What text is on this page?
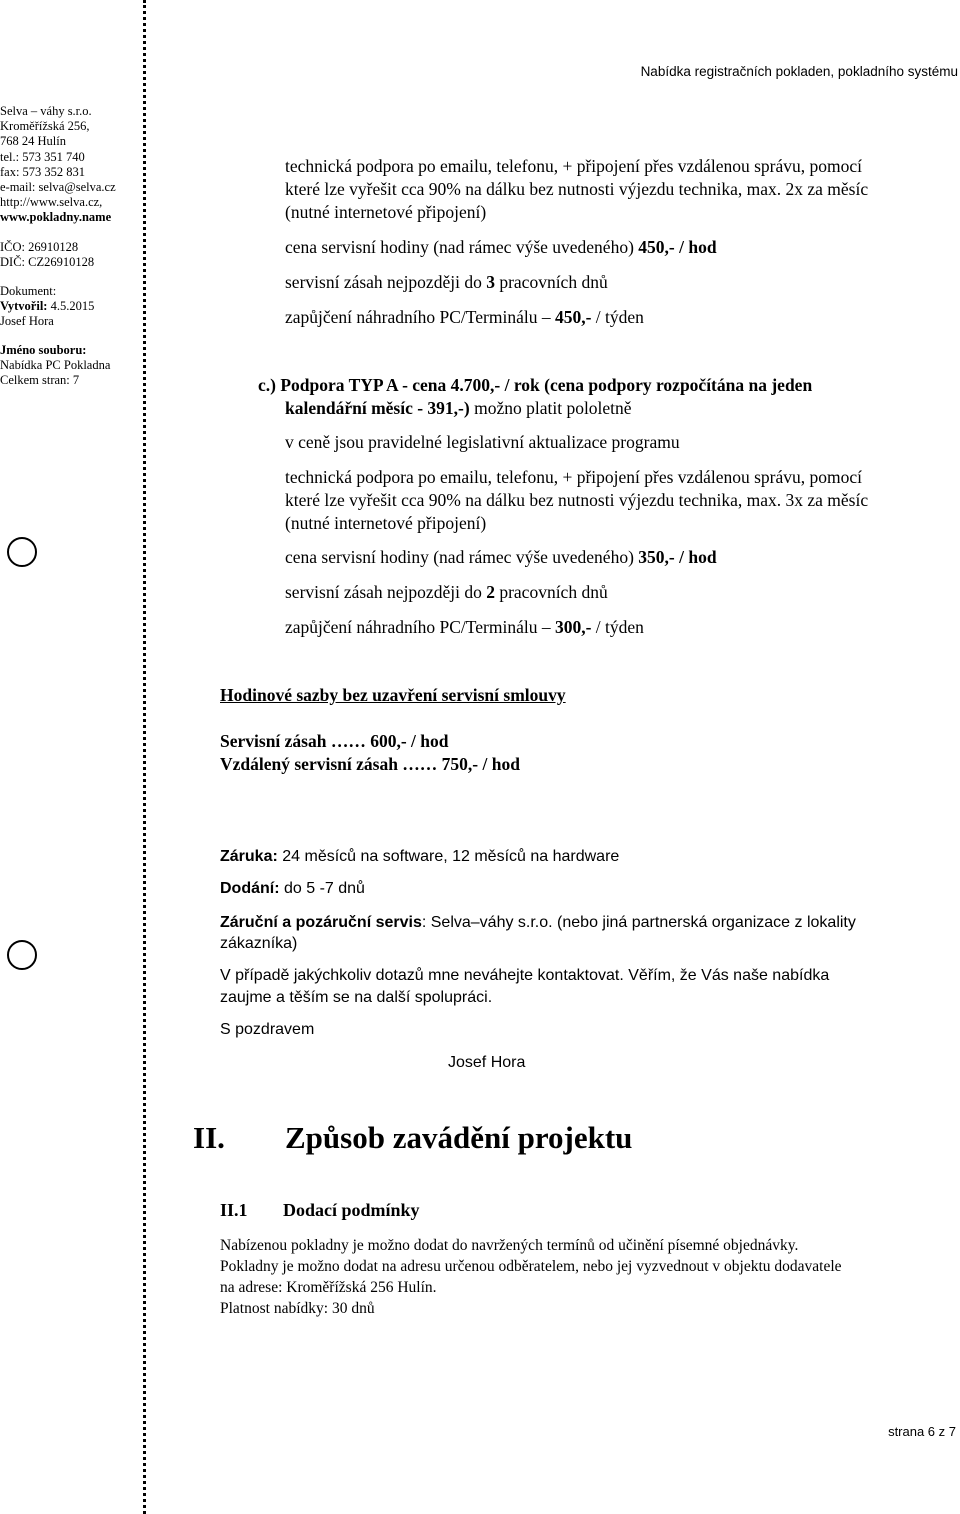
Nabídka registračních pokladen, pokladního systému
Selva – váhy s.r.o.
Kroměřížská 256,
768 24 Hulín
tel.: 573 351 740
fax: 573 352 831
e-mail: selva@selva.cz
http://www.selva.cz,
www.pokladny.name
IČO: 26910128
DIČ: CZ26910128
Dokument:
Vytvořil: 4.5.2015
Josef Hora
Jméno souboru:
Nabídka PC Pokladna
Celkem stran: 7
technická podpora po emailu, telefonu, + připojení přes vzdálenou správu, pomocí
které lze vyřešit cca 90% na dálku bez nutnosti výjezdu technika, max. 2x za měsíc
(nutné internetové připojení)
cena servisní hodiny (nad rámec výše uvedeného) 450,- / hod
servisní zásah nejpozději do 3 pracovních dnů
zapůjčení náhradního PC/Terminálu – 450,- / týden
c.) Podpora TYP A - cena 4.700,- / rok (cena podpory rozpočítána na jeden
kalendářní měsíc - 391,-) možno platit pololetně
v ceně jsou pravidelné legislativní aktualizace programu
technická podpora po emailu, telefonu, + připojení přes vzdálenou správu, pomocí
které lze vyřešit cca 90% na dálku bez nutnosti výjezdu technika, max. 3x za měsíc
(nutné internetové připojení)
cena servisní hodiny (nad rámec výše uvedeného) 350,- / hod
servisní zásah nejpozději do 2 pracovních dnů
zapůjčení náhradního PC/Terminálu – 300,- / týden
Hodinové sazby bez uzavření servisní smlouvy
Servisní zásah …… 600,- / hod
Vzdálený servisní zásah …… 750,- / hod
Záruka: 24 měsíců na software, 12 měsíců na hardware
Dodání: do 5 -7 dnů
Záruční a pozáruční servis: Selva–váhy s.r.o. (nebo jiná partnerská organizace z lokality
zákazníka)
V případě jakýchkoliv dotazů mne neváhejte kontaktovat. Věřím, že Vás naše nabídka
zaujme a těším se na další spolupráci.
S pozdravem
Josef Hora
II. Způsob zavádění projektu
II.1 Dodací podmínky
Nabízenou pokladny je možno dodat do navržených termínů od učinění písemné objednávky.
Pokladny je možno dodat na adresu určenou odběratelem, nebo jej vyzvednout v objektu dodavatele
na adrese: Kroměřížská 256 Hulín.
Platnost nabídky: 30 dnů
strana 6 z 7
